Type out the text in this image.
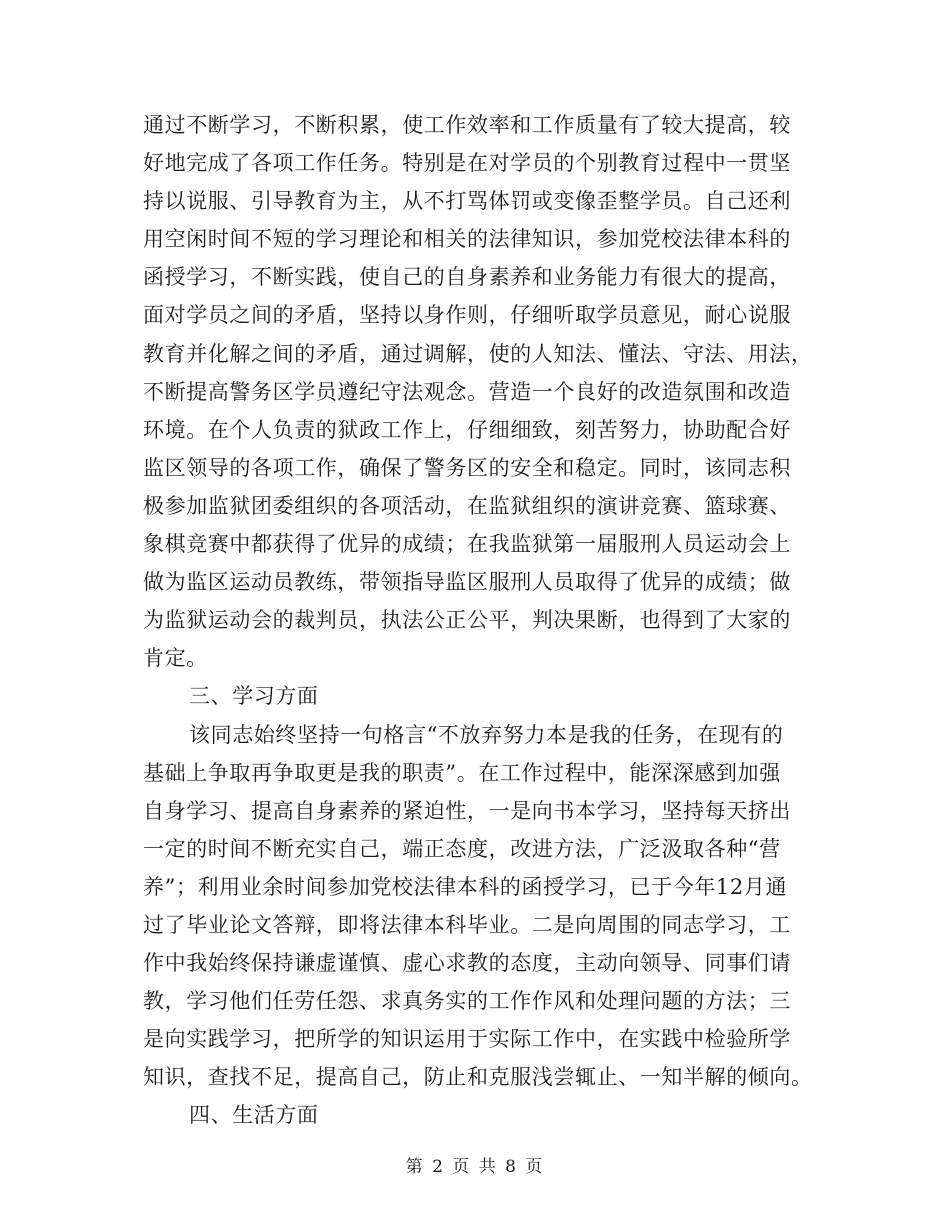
通过不断学习，不断积累，使工作效率和工作质量有了较大提高，较
好地完成了各项工作任务。特别是在对学员的个别教育过程中一贯坚
持以说服、引导教育为主，从不打骂体罚或变像歪整学员。自己还利
用空闲时间不短的学习理论和相关的法律知识，参加党校法律本科的
函授学习，不断实践，使自己的自身素养和业务能力有很大的提高，
面对学员之间的矛盾，坚持以身作则，仔细听取学员意见，耐心说服
教育并化解之间的矛盾，通过调解，使的人知法、懂法、守法、用法，
不断提高警务区学员遵纪守法观念。营造一个良好的改造氛围和改造
环境。在个人负责的狱政工作上，仔细细致，刻苦努力，协助配合好
监区领导的各项工作，确保了警务区的安全和稳定。同时，该同志积
极参加监狱团委组织的各项活动，在监狱组织的演讲竞赛、篮球赛、
象棋竞赛中都获得了优异的成绩；在我监狱第一届服刑人员运动会上
做为监区运动员教练，带领指导监区服刑人员取得了优异的成绩；做
为监狱运动会的裁判员，执法公正公平，判决果断，也得到了大家的
肯定。
三、学习方面
该同志始终坚持一句格言“不放弃努力本是我的任务，在现有的
基础上争取再争取更是我的职责”。在工作过程中，能深深感到加强
自身学习、提高自身素养的紧迫性，一是向书本学习，坚持每天挤出
一定的时间不断充实自己，端正态度，改进方法，广泛汲取各种“营
养”；利用业余时间参加党校法律本科的函授学习，已于今年12月通
过了毕业论文答辩，即将法律本科毕业。二是向周围的同志学习，工
作中我始终保持谦虚谨慎、虚心求教的态度，主动向领导、同事们请
教，学习他们任劳任怨、求真务实的工作作风和处理问题的方法；三
是向实践学习，把所学的知识运用于实际工作中，在实践中检验所学
知识，查找不足，提高自己，防止和克服浅尝辄止、一知半解的倾向。
四、生活方面
第 2 页 共 8 页
